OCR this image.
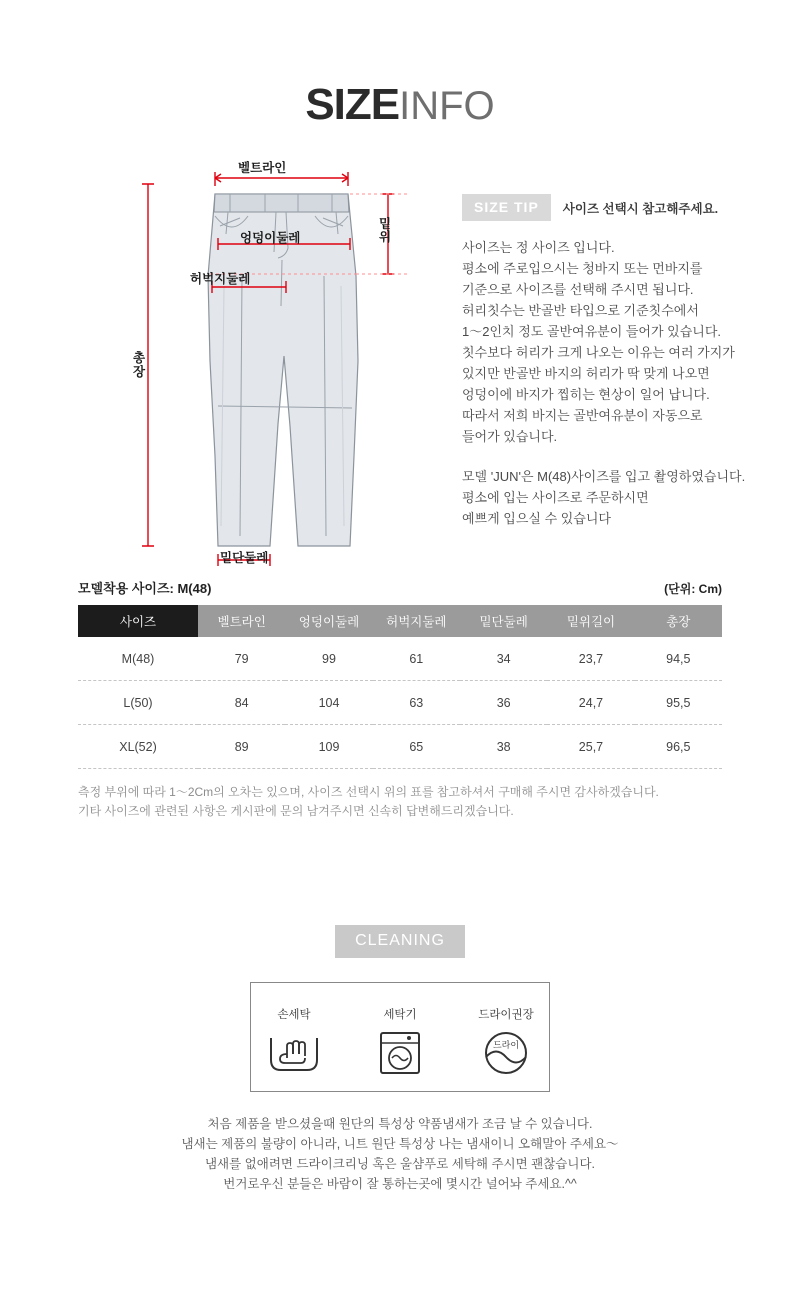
SIZEINFO
벨트라인
엉덩이둘레
허벅지둘레
밑단둘레
밑위
총장
SIZE TIP	사이즈 선택시 참고해주세요.

사이즈는 정 사이즈 입니다.

평소에 주로입으시는 청바지 또는 먼바지를

기준으로 사이즈를 선택해 주시면 됩니다.

허리칫수는 반골반 타입으로 기준칫수에서

1〜2인치 정도 골반여유분이 들어가 있습니다.

칫수보다 허리가 크게 나오는 이유는 여러 가지가

있지만 반골반 바지의 허리가 딱 맞게 나오면

엉덩이에 바지가 찝히는 현상이 일어 납니다.

따라서 저희 바지는 골반여유분이 자동으로

들어가 있습니다.

모델 'JUN'은 M(48)사이즈를 입고 촬영하였습니다.

평소에 입는 사이즈로 주문하시면

예쁘게 입으실 수 있습니다

모델착용 사이즈: M(48)	(단위: Cm)
사이즈	벨트라인	엉덩이둘레	허벅지둘레	밑단둘레	밑위길이	총장
M(48)	79	99	61	34	23,7	94,5
L(50)	84	104	63	36	24,7	95,5
XL(52)	89	109	65	38	25,7	96,5

측정 부위에 따라 1〜2Cm의 오차는 있으며, 사이즈 선택시 위의 표를 참고하셔서 구매해 주시면 감사하겠습니다.

기타 사이즈에 관련된 사항은 게시판에 문의 남겨주시면 신속히 답변해드리겠습니다.

CLEANING
손세탁	세탁기	드라이권장
드라이

처음 제품을 받으셨을때 원단의 특성상 약품냄새가 조금 날 수 있습니다.

냄새는 제품의 불량이 아니라, 니트 원단 특성상 나는 냄새이니 오해말아 주세요〜

냄새를 없애려면 드라이크리닝 혹은 울샴푸로 세탁해 주시면 괜찮습니다.

번거로우신 분들은 바람이 잘 통하는곳에 몇시간 널어놔 주세요.^^
